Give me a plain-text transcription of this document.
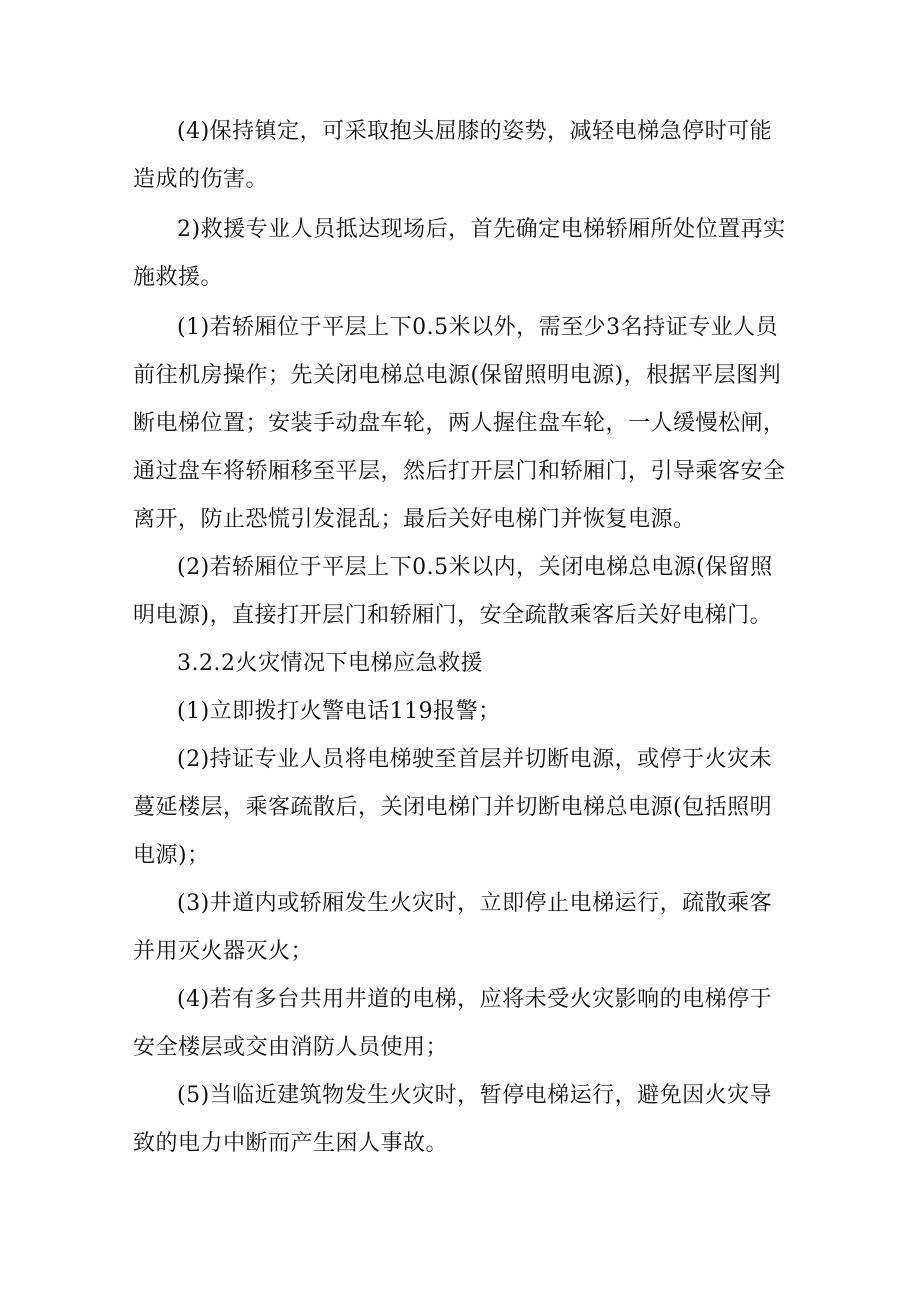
(4)保持镇定，可采取抱头屈膝的姿势，减轻电梯急停时可能造成的伤害。

2)救援专业人员抵达现场后，首先确定电梯轿厢所处位置再实施救援。

(1)若轿厢位于平层上下0.5米以外，需至少3名持证专业人员前往机房操作；先关闭电梯总电源(保留照明电源)，根据平层图判断电梯位置；安装手动盘车轮，两人握住盘车轮，一人缓慢松闸，通过盘车将轿厢移至平层，然后打开层门和轿厢门，引导乘客安全离开，防止恐慌引发混乱；最后关好电梯门并恢复电源。

(2)若轿厢位于平层上下0.5米以内，关闭电梯总电源(保留照明电源)，直接打开层门和轿厢门，安全疏散乘客后关好电梯门。

3.2.2火灾情况下电梯应急救援

(1)立即拨打火警电话119报警；

(2)持证专业人员将电梯驶至首层并切断电源，或停于火灾未蔓延楼层，乘客疏散后，关闭电梯门并切断电梯总电源(包括照明电源)；

(3)井道内或轿厢发生火灾时，立即停止电梯运行，疏散乘客并用灭火器灭火；

(4)若有多台共用井道的电梯，应将未受火灾影响的电梯停于安全楼层或交由消防人员使用；

(5)当临近建筑物发生火灾时，暂停电梯运行，避免因火灾导致的电力中断而产生困人事故。
